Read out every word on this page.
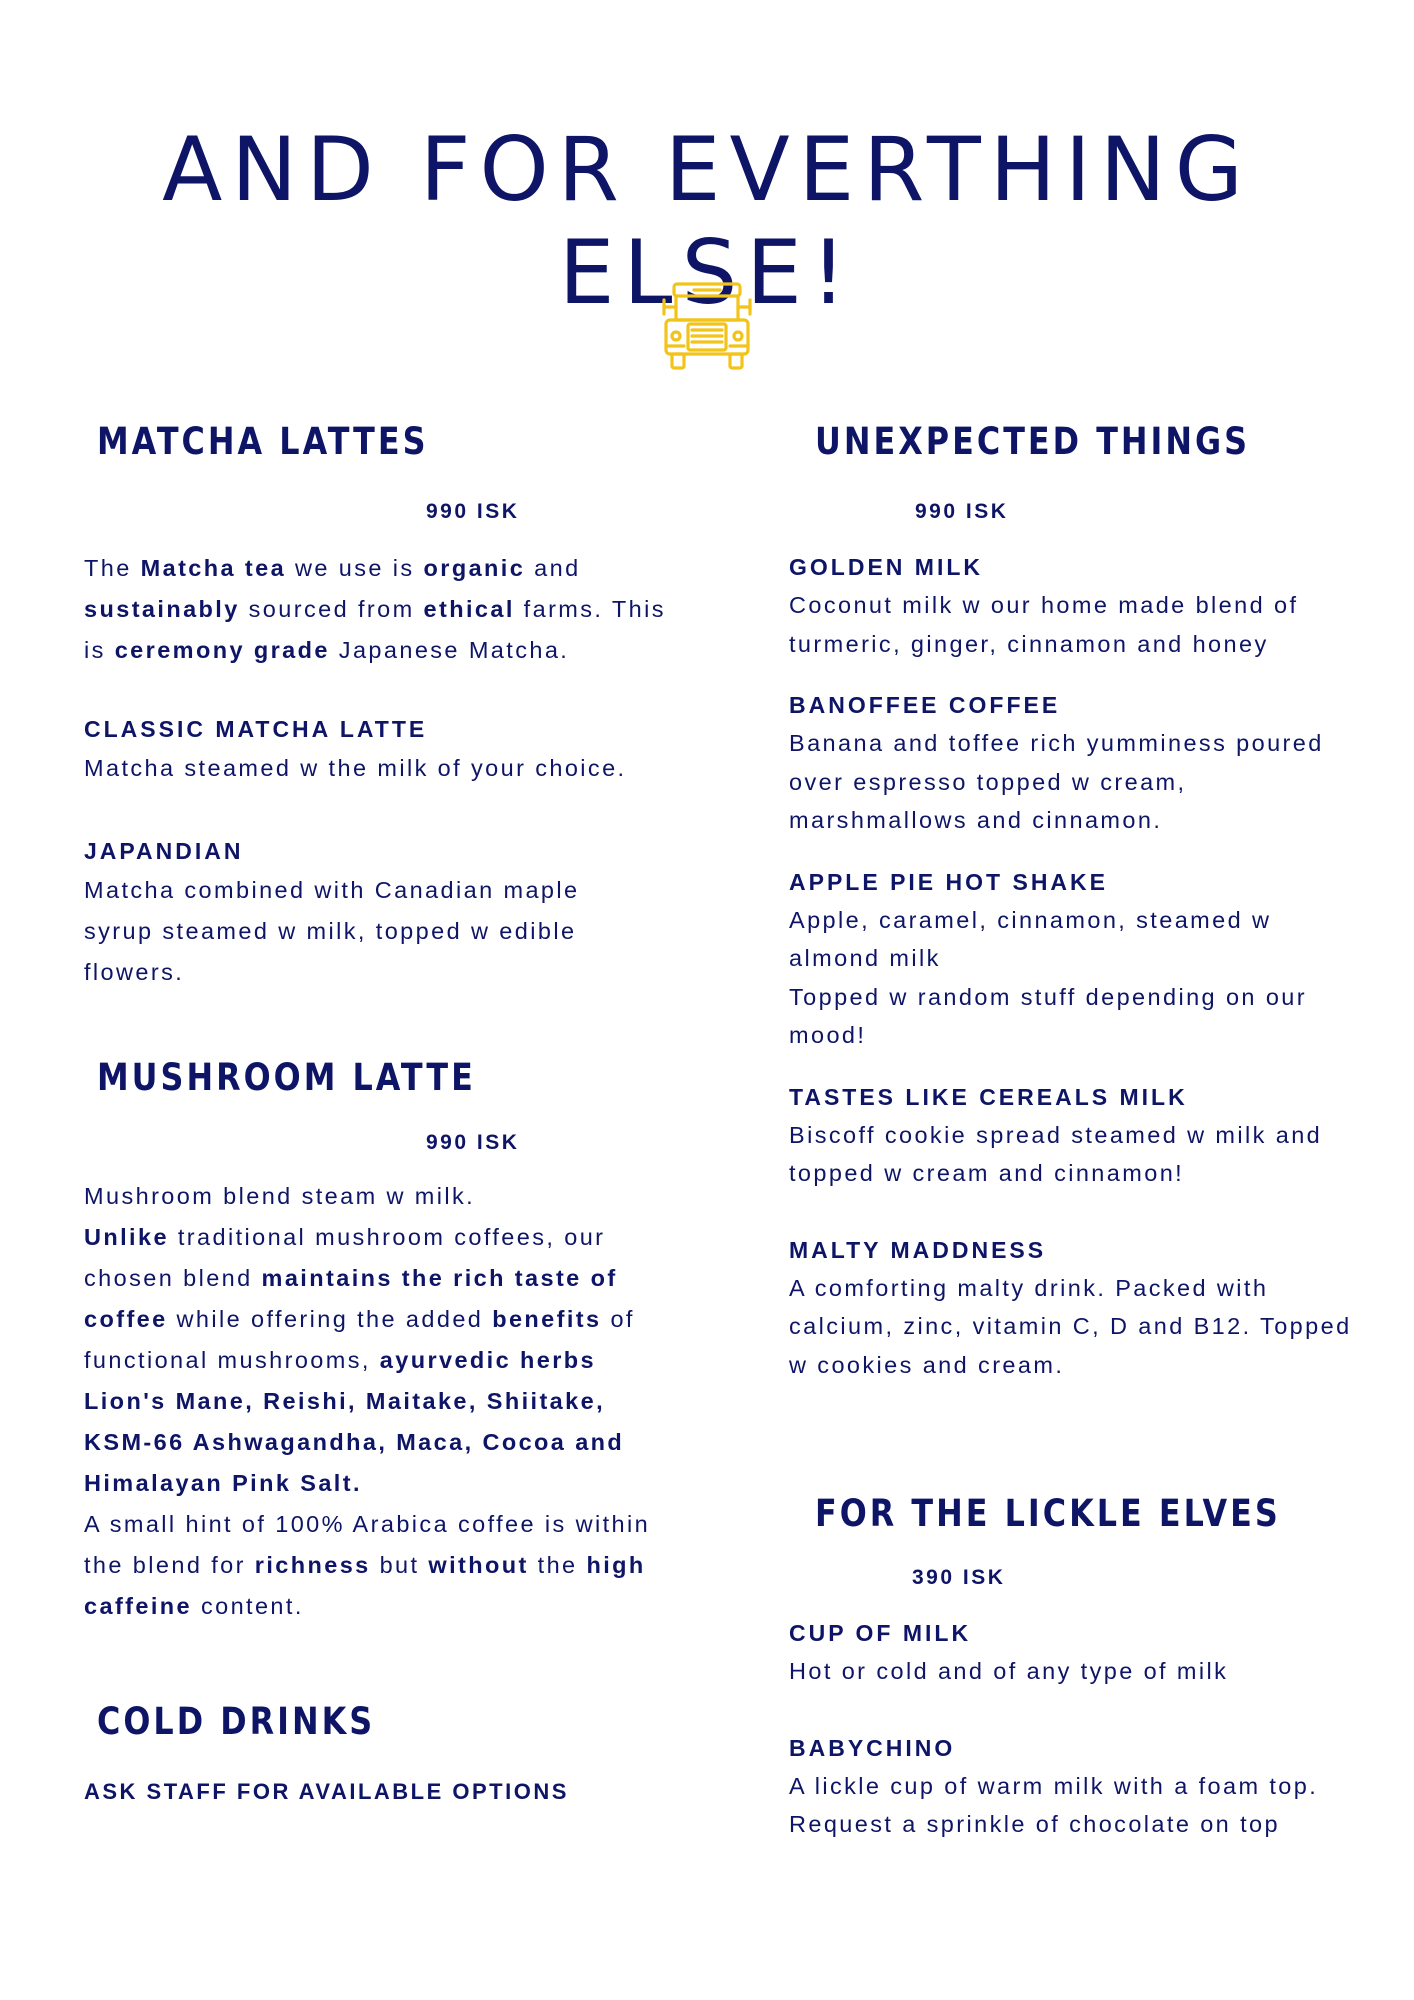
AND FOR EVERTHING ELSE!
MATCHA LATTES

990 ISK

The Matcha tea we use is organic and sustainably sourced from ethical farms. This is ceremony grade Japanese Matcha.

CLASSIC MATCHA LATTE
Matcha steamed w the milk of your choice.
JAPANDIAN
Matcha combined with Canadian maple syrup steamed w milk, topped w edible flowers.
MUSHROOM LATTE

990 ISK

Mushroom blend steam w milk.

Unlike traditional mushroom coffees, our chosen blend maintains the rich taste of coffee while offering the added benefits of functional mushrooms, ayurvedic herbs Lion's Mane, Reishi, Maitake, Shiitake, KSM-66 Ashwagandha, Maca, Cocoa and Himalayan Pink Salt.

A small hint of 100% Arabica coffee is within the blend for richness but without the high caffeine content.

COLD DRINKS

ASK STAFF FOR AVAILABLE OPTIONS

UNEXPECTED THINGS

990 ISK

GOLDEN MILK
Coconut milk w our home made blend of turmeric, ginger, cinnamon and honey
BANOFFEE COFFEE
Banana and toffee rich yumminess poured over espresso topped w cream, marshmallows and cinnamon.
APPLE PIE HOT SHAKE
Apple, caramel, cinnamon, steamed w almond milk
Topped w random stuff depending on our mood!
TASTES LIKE CEREALS MILK
Biscoff cookie spread steamed w milk and topped w cream and cinnamon!
MALTY MADDNESS
A comforting malty drink. Packed with calcium, zinc, vitamin C, D and B12. Topped w cookies and cream.
FOR THE LICKLE ELVES

390 ISK

CUP OF MILK
Hot or cold and of any type of milk
BABYCHINO
A lickle cup of warm milk with a foam top.
Request a sprinkle of chocolate on top
